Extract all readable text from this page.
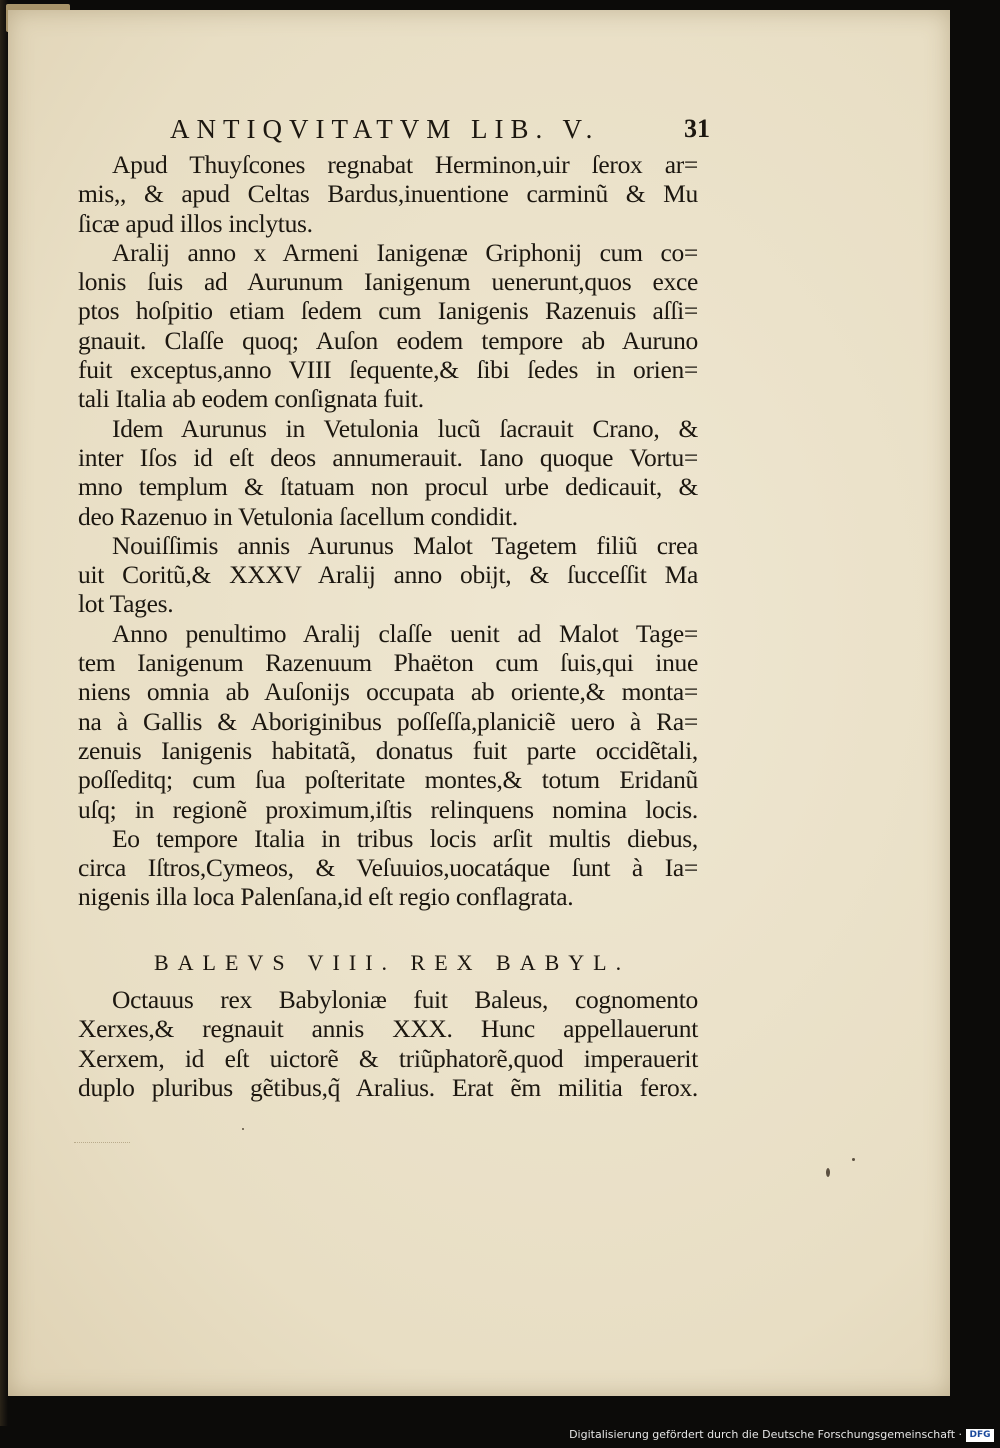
ANTIQVITATVM LIB. V.	31
Apud Thuyſcones regnabat Herminon,uir ſerox ar=
mis,, & apud Celtas Bardus,inuentione carminũ & Mu
ſicæ apud illos inclytus.
Aralij anno x Armeni Ianigenæ Griphonij cum co=
lonis ſuis ad Aurunum Ianigenum uenerunt,quos exce
ptos hoſpitio etiam ſedem cum Ianigenis Razenuis aſſi=
gnauit. Claſſe quoq; Auſon eodem tempore ab Auruno
fuit exceptus,anno VIII ſequente,& ſibi ſedes in orien=
tali Italia ab eodem conſignata fuit.
Idem Aurunus in Vetulonia lucũ ſacrauit Crano, &
inter Iſos id eſt deos annumerauit. Iano quoque Vortu=
mno templum & ſtatuam non procul urbe dedicauit, &
deo Razenuo in Vetulonia ſacellum condidit.
Nouiſſimis annis Aurunus Malot Tagetem filiũ crea
uit Coritũ,& XXXV Aralij anno obijt, & ſucceſſit Ma
lot Tages.
Anno penultimo Aralij claſſe uenit ad Malot Tage=
tem Ianigenum Razenuum Phaëton cum ſuis,qui inue
niens omnia ab Auſonijs occupata ab oriente,& monta=
na à Gallis & Aboriginibus poſſeſſa,planiciẽ uero à Ra=
zenuis Ianigenis habitatã, donatus fuit parte occidẽtali,
poſſeditq; cum ſua poſteritate montes,& totum Eridanũ
uſq; in regionẽ proximum,iſtis relinquens nomina locis.
Eo tempore Italia in tribus locis arſit multis diebus,
circa Iſtros,Cymeos, & Veſuuios,uocatáque ſunt à Ia=
nigenis illa loca Palenſana,id eſt regio conflagrata.
BALEVS VIII. REX BABYL.
Octauus rex Babyloniæ fuit Baleus, cognomento
Xerxes,& regnauit annis XXX. Hunc appellauerunt
Xerxem, id eſt uictorẽ & triũphatorẽ,quod imperauerit
duplo pluribus gẽtibus,q̃ Aralius. Erat ẽm militia ferox.
Digitalisierung gefördert durch die Deutsche Forschungsgemeinschaft · DFG
